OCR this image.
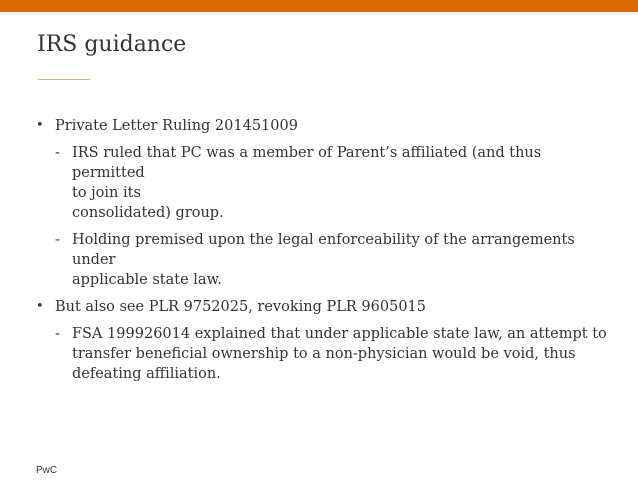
IRS guidance
• Private Letter Ruling 201451009
- IRS ruled that PC was a member of Parent’s affiliated (and thus permitted
to join its
consolidated) group.
- Holding premised upon the legal enforceability of the arrangements under
applicable state law.
• But also see PLR 9752025, revoking PLR 9605015
- FSA 199926014 explained that under applicable state law, an attempt to
transfer beneficial ownership to a non-physician would be void, thus
defeating affiliation.
PwC
